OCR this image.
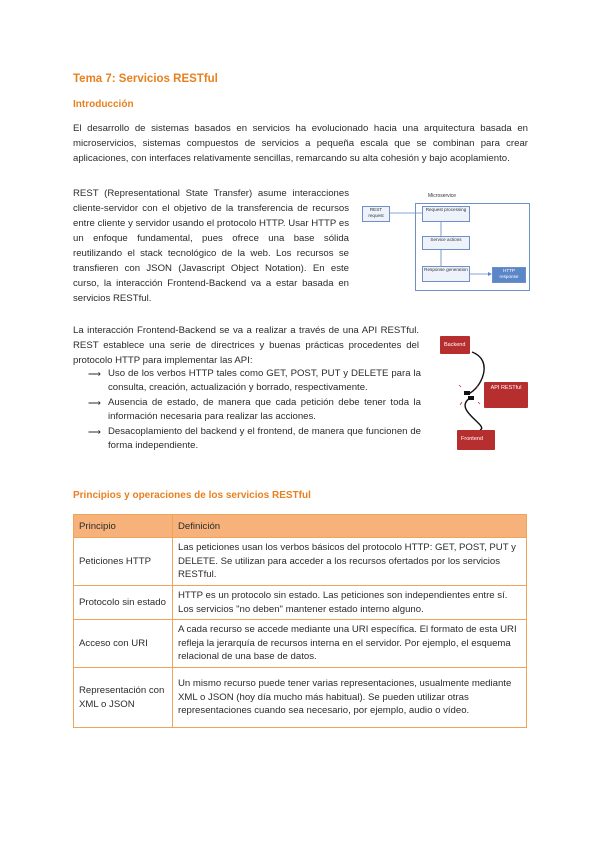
Tema 7: Servicios RESTful
Introducción
El desarrollo de sistemas basados en servicios ha evolucionado hacia una arquitectura basada en microservicios, sistemas compuestos de servicios a pequeña escala que se combinan para crear aplicaciones, con interfaces relativamente sencillas, remarcando su alta cohesión y bajo acoplamiento.
REST (Representational State Transfer) asume interacciones cliente-servidor con el objetivo de la transferencia de recursos entre cliente y servidor usando el protocolo HTTP. Usar HTTP es un enfoque fundamental, pues ofrece una base sólida reutilizando el stack tecnológico de la web. Los recursos se transfieren con JSON (Javascript Object Notation). En este curso, la interacción Frontend-Backend va a estar basada en servicios RESTful.
La interacción Frontend-Backend se va a realizar a través de una API RESTful. REST establece una serie de directrices y buenas prácticas procedentes del protocolo HTTP para implementar las API:
Principios y operaciones de los servicios RESTful
⟶ Uso de los verbos HTTP tales como GET, POST, PUT y DELETE para la consulta, creación, actualización y borrado, respectivamente.
⟶ Ausencia de estado, de manera que cada petición debe tener toda la información necesaria para realizar las acciones.
⟶ Desacoplamiento del backend y el frontend, de manera que funcionen de forma independiente.
Microservice
REST request
Request processing
Service actions
Response generation	HTTP response
Backend
API RESTful
Frontend
Principio	Definición
Peticiones HTTP	Las peticiones usan los verbos básicos del protocolo HTTP: GET, POST, PUT y DELETE. Se utilizan para acceder a los recursos ofertados por los servicios RESTful.
Protocolo sin estado	HTTP es un protocolo sin estado. Las peticiones son independientes entre sí. Los servicios "no deben" mantener estado interno alguno.
Acceso con URI	A cada recurso se accede mediante una URI específica. El formato de esta URI refleja la jerarquía de recursos interna en el servidor. Por ejemplo, el esquema relacional de una base de datos.
Representación con XML o JSON	Un mismo recurso puede tener varias representaciones, usualmente mediante XML o JSON (hoy día mucho más habitual). Se pueden utilizar otras representaciones cuando sea necesario, por ejemplo, audio o vídeo.
